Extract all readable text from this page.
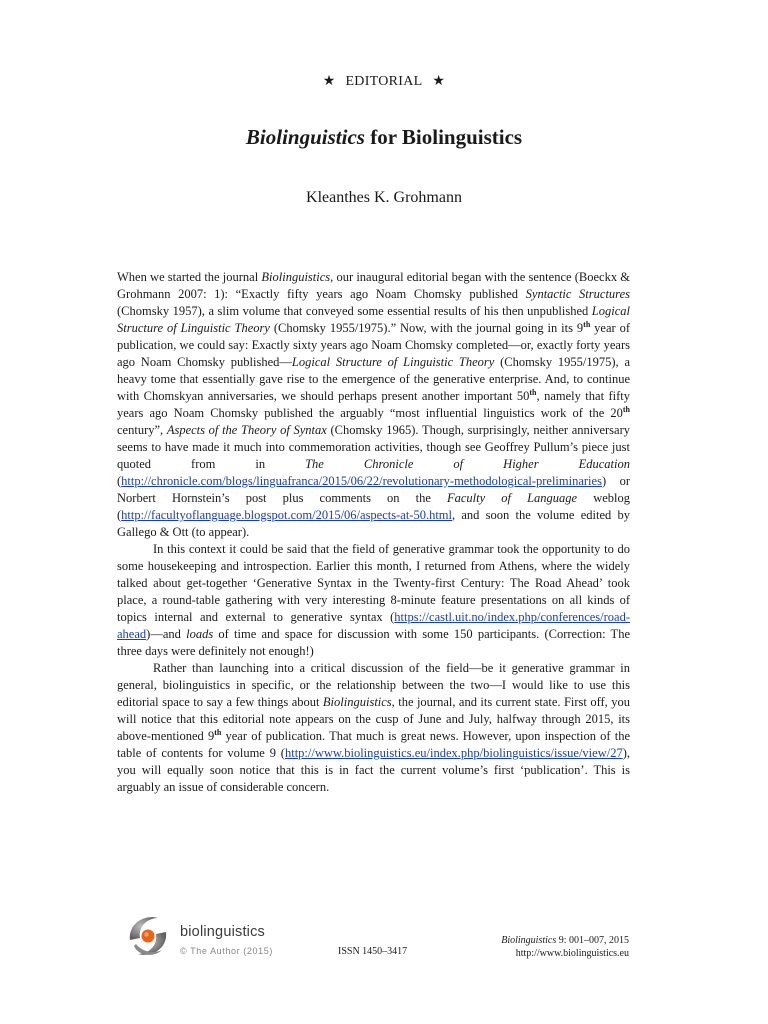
★ EDITORIAL ★
Biolinguistics for Biolinguistics
Kleanthes K. Grohmann

When we started the journal Biolinguistics, our inaugural editorial began with the sentence (Boeckx & Grohmann 2007: 1): “Exactly fifty years ago Noam Chomsky published Syntactic Structures (Chomsky 1957), a slim volume that conveyed some essential results of his then unpublished Logical Structure of Linguistic Theory (Chomsky 1955/1975).” Now, with the journal going in its 9th year of publication, we could say: Exactly sixty years ago Noam Chomsky completed—or, exactly forty years ago Noam Chomsky published—Logical Structure of Linguistic Theory (Chomsky 1955/1975), a heavy tome that essentially gave rise to the emergence of the generative enterprise. And, to continue with Chomskyan anniversaries, we should perhaps present another important 50th, namely that fifty years ago Noam Chomsky published the arguably “most influential linguistics work of the 20th century”, Aspects of the Theory of Syntax (Chomsky 1965). Though, surprisingly, neither anniversary seems to have made it much into commemoration activities, though see Geoffrey Pullum’s piece just quoted from in The Chronicle of Higher Education (http://chronicle.com/blogs/linguafranca/2015/06/22/revolutionary-methodological-preliminaries) or Norbert Hornstein’s post plus comments on the Faculty of Language weblog (http://facultyoflanguage.blogspot.com/2015/06/aspects-at-50.html, and soon the volume edited by Gallego & Ott (to appear).

In this context it could be said that the field of generative grammar took the opportunity to do some housekeeping and introspection. Earlier this month, I returned from Athens, where the widely talked about get-together ‘Generative Syntax in the Twenty-first Century: The Road Ahead’ took place, a round-table gathering with very interesting 8-minute feature presentations on all kinds of topics internal and external to generative syntax (https://castl.uit.no/index.php/conferences/road-ahead)—and loads of time and space for discussion with some 150 participants. (Correction: The three days were definitely not enough!)

Rather than launching into a critical discussion of the field—be it generative grammar in general, biolinguistics in specific, or the relationship between the two—I would like to use this editorial space to say a few things about Biolinguistics, the journal, and its current state. First off, you will notice that this editorial note appears on the cusp of June and July, halfway through 2015, its above-mentioned 9th year of publication. That much is great news. However, upon inspection of the table of contents for volume 9 (http://www.biolinguistics.eu/index.php/biolinguistics/issue/view/27), you will equally soon notice that this is in fact the current volume’s first ‘publication’. This is arguably an issue of considerable concern.

biolinguistics
© The Author (2015)	ISSN 1450–3417
Biolinguistics 9: 001–007, 2015
http://www.biolinguistics.eu
